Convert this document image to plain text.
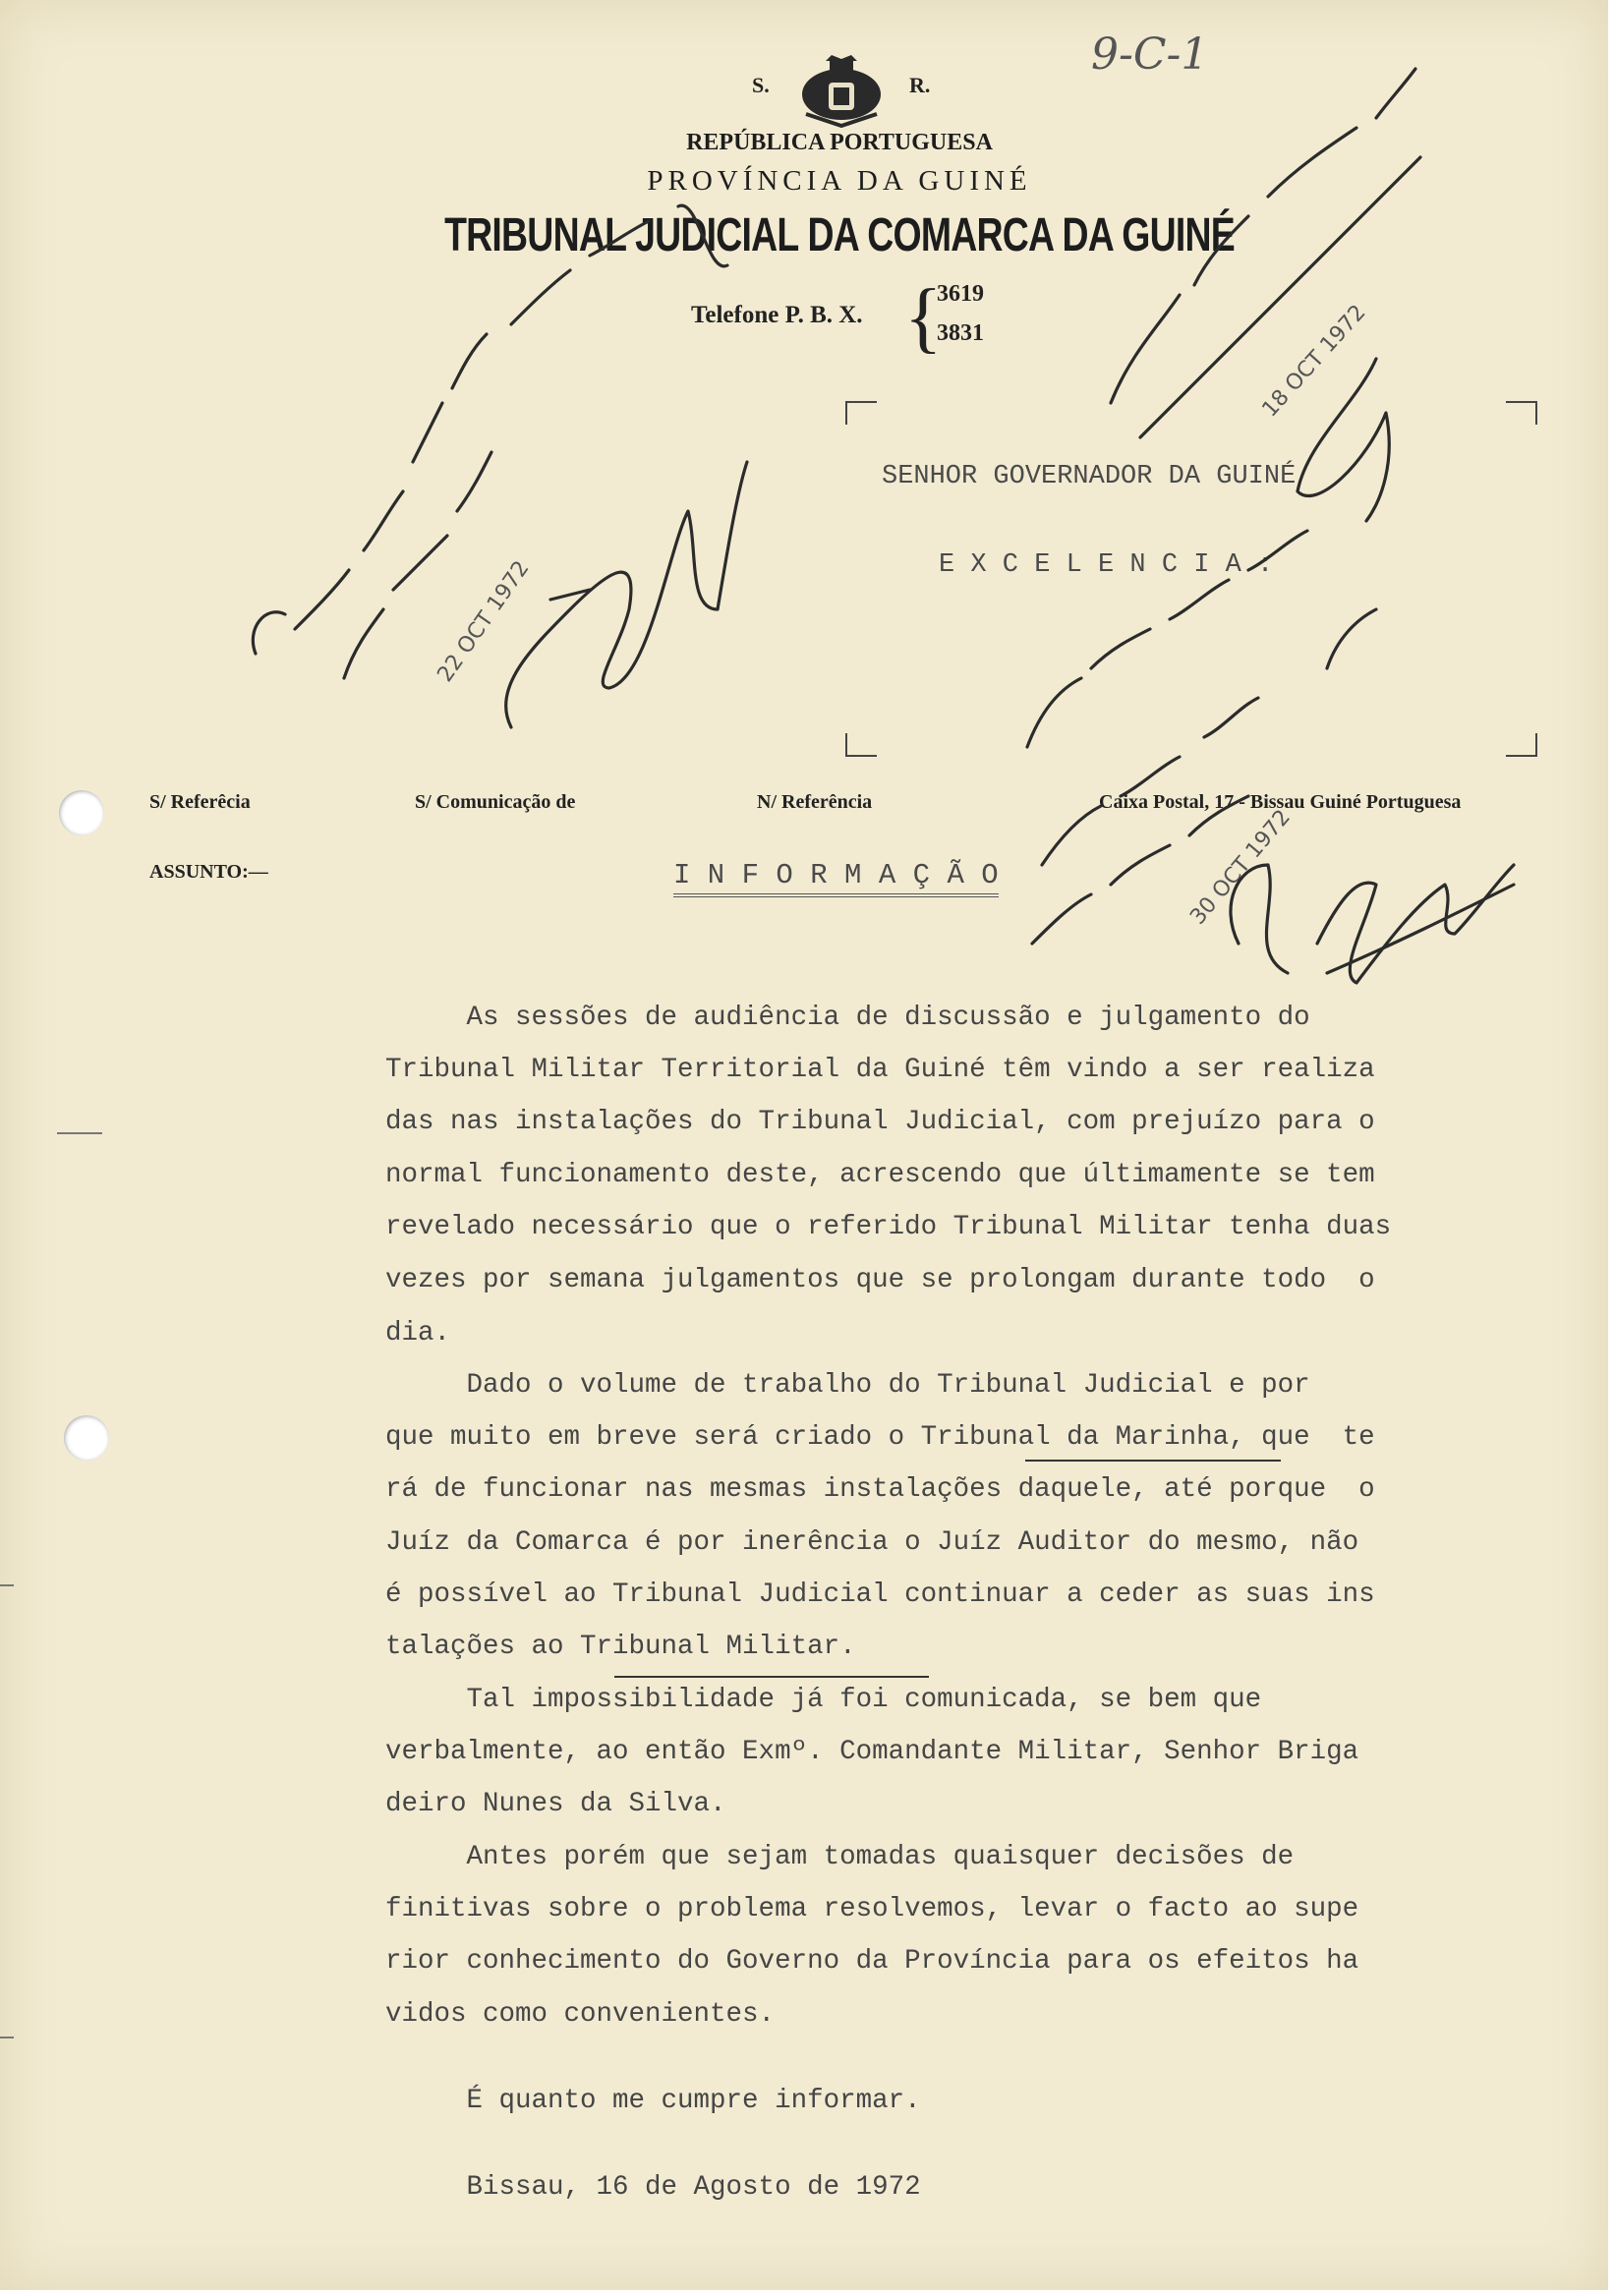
9-C-1
S.	R.
REPÚBLICA PORTUGUESA
PROVÍNCIA DA GUINÉ
TRIBUNAL JUDICIAL DA COMARCA DA GUINÉ
Telefone P. B. X. {
3619
3831
SENHOR GOVERNADOR DA GUINÉ
E X C E L E N C I A :
S/ Referêcia	S/ Comunicação de	N/ Referência	Caixa Postal, 17 - Bissau Guiné Portuguesa
ASSUNTO:—	I N F O R M A Ç Ã O
As sessões de audiência de discussão e julgamento do
Tribunal Militar Territorial da Guiné têm vindo a ser realiza
das nas instalações do Tribunal Judicial, com prejuízo para o
normal funcionamento deste, acrescendo que últimamente se tem
revelado necessário que o referido Tribunal Militar tenha duas
vezes por semana julgamentos que se prolongam durante todo  o
dia.
Dado o volume de trabalho do Tribunal Judicial e por
que muito em breve será criado o Tribunal da Marinha, que  te
rá de funcionar nas mesmas instalações daquele, até porque  o
Juíz da Comarca é por inerência o Juíz Auditor do mesmo, não
é possível ao Tribunal Judicial continuar a ceder as suas ins
talações ao Tribunal Militar.
Tal impossibilidade já foi comunicada, se bem que
verbalmente, ao então Exmº. Comandante Militar, Senhor Briga
deiro Nunes da Silva.
Antes porém que sejam tomadas quaisquer decisões de
finitivas sobre o problema resolvemos, levar o facto ao supe
rior conhecimento do Governo da Província para os efeitos ha
vidos como convenientes.
É quanto me cumpre informar.
Bissau, 16 de Agosto de 1972
18 OCT 1972
22 OCT 1972
30 OCT 1972
